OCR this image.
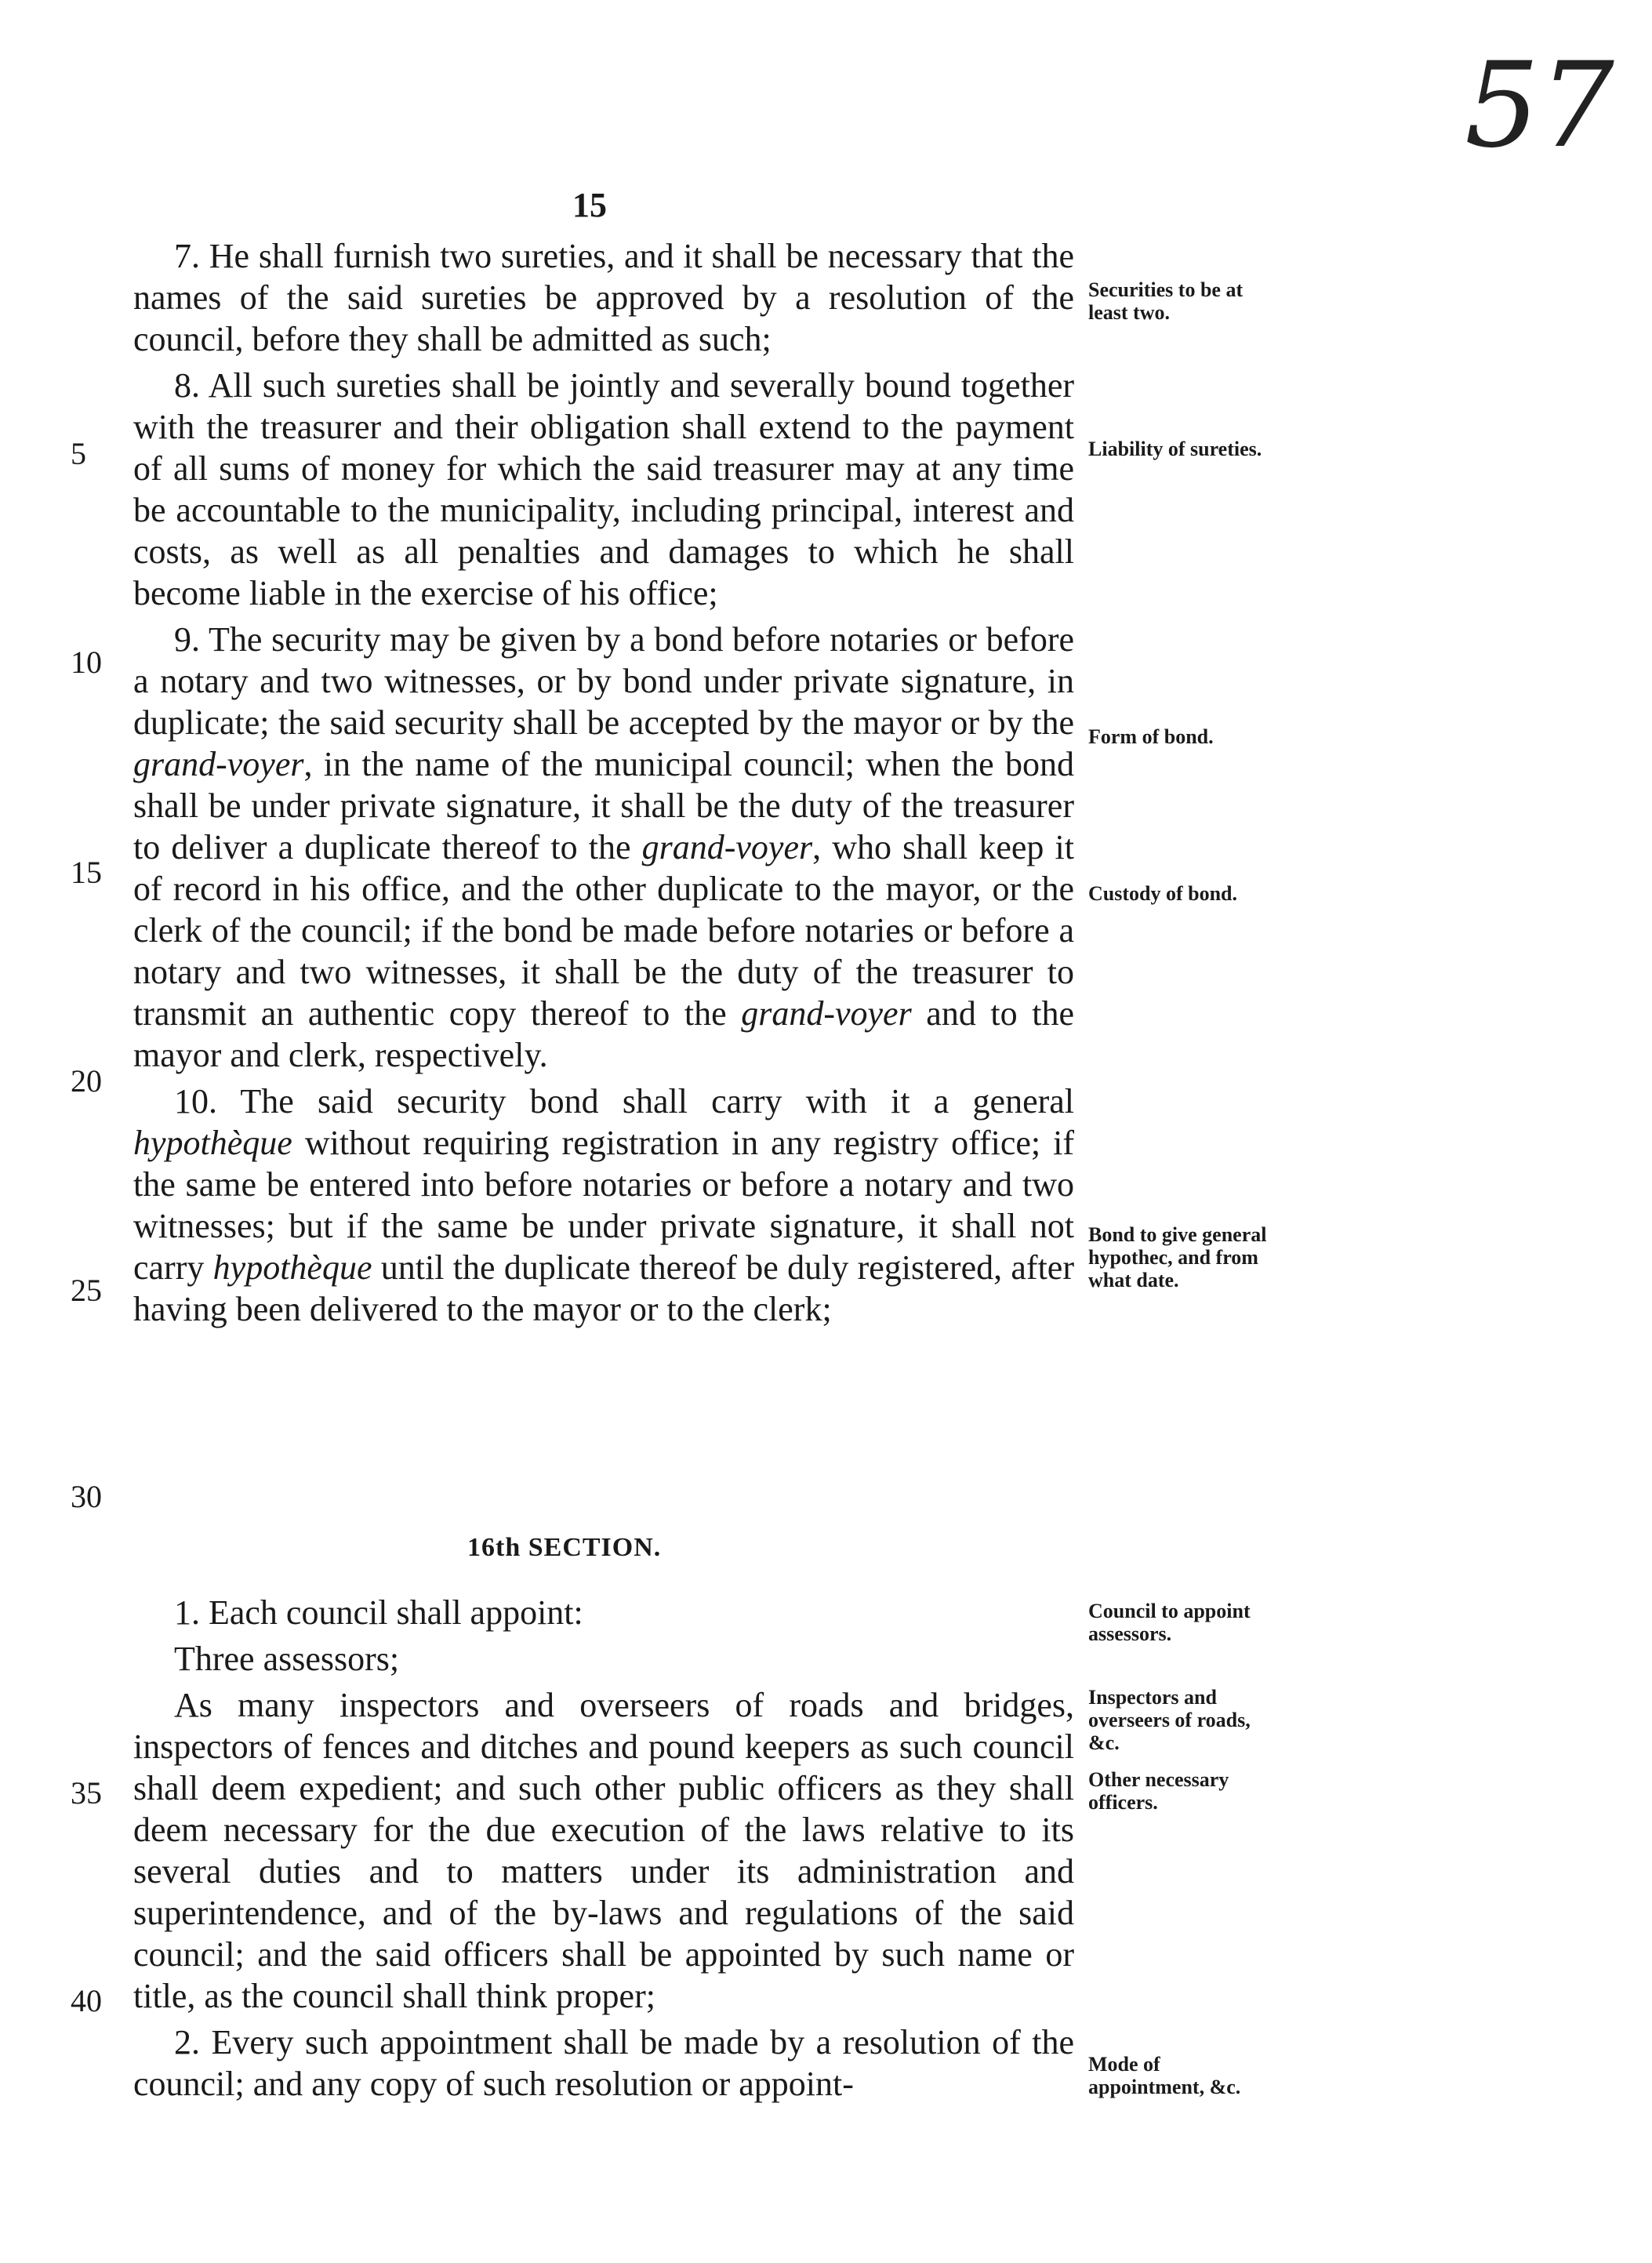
57
15
5
10
15
20
25
30
35
40

7. He shall furnish two sureties, and it shall be necessary that the names of the said sureties be approved by a resolution of the council, before they shall be admitted as such;

8. All such sureties shall be jointly and severally bound together with the treasurer and their obligation shall extend to the payment of all sums of money for which the said treasurer may at any time be accountable to the municipality, including principal, interest and costs, as well as all penalties and damages to which he shall become liable in the exercise of his office;

9. The security may be given by a bond before notaries or before a notary and two witnesses, or by bond under private signature, in duplicate; the said security shall be accepted by the mayor or by the grand-voyer, in the name of the municipal council; when the bond shall be under private signature, it shall be the duty of the treasurer to deliver a duplicate thereof to the grand-voyer, who shall keep it of record in his office, and the other duplicate to the mayor, or the clerk of the council; if the bond be made before notaries or before a notary and two witnesses, it shall be the duty of the treasurer to transmit an authentic copy thereof to the grand-voyer and to the mayor and clerk, respectively.

10. The said security bond shall carry with it a general hypothèque without requiring registration in any registry office; if the same be entered into before notaries or before a notary and two witnesses; but if the same be under private signature, it shall not carry hypothèque until the duplicate thereof be duly registered, after having been delivered to the mayor or to the clerk;

16th SECTION.

1. Each council shall appoint:

Three assessors;

As many inspectors and overseers of roads and bridges, inspectors of fences and ditches and pound keepers as such council shall deem expedient; and such other public officers as they shall deem necessary for the due execution of the laws relative to its several duties and to matters under its administration and superintendence, and of the by-laws and regulations of the said council; and the said officers shall be appointed by such name or title, as the council shall think proper;

2. Every such appointment shall be made by a resolution of the council; and any copy of such resolution or appoint-

Securities to be at least two.
Liability of sureties.
Form of bond.
Custody of bond.
Bond to give general hypothec, and from what date.
Council to appoint assessors.
Inspectors and overseers of roads, &c.
Other necessary officers.
Mode of appointment, &c.
